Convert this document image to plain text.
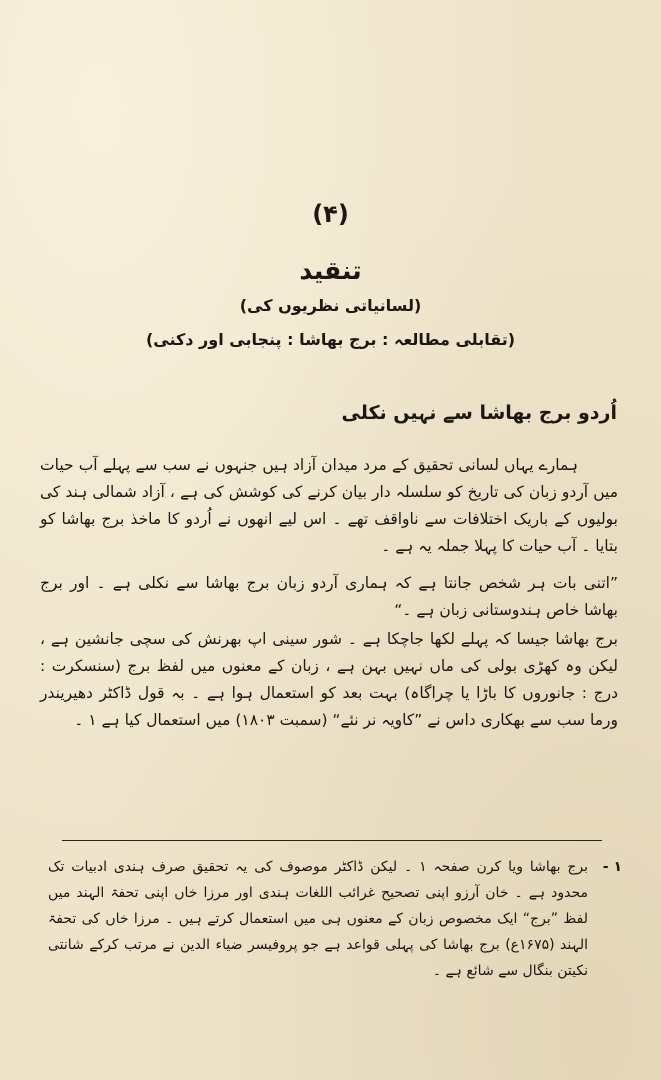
(۴)
تنقید
(لسانیاتی نظریوں کی)
(تقابلی مطالعہ : برج بھاشا : پنجابی اور دکنی)
اُردو برج بھاشا سے نہیں نکلی

ہمارے یہاں لسانی تحقیق کے مرد میدان آزاد ہیں جنہوں نے سب سے پہلے آب حیات میں آردو زبان کی تاریخ کو سلسلہ دار بیان کرنے کی کوشش کی ہے ، آزاد شمالی ہند کی بولیوں کے باریک اختلافات سے ناواقف تھے ۔ اس لیے انھوں نے اُردو کا ماخذ برج بھاشا کو بتایا ۔ آب حیات کا پہلا جملہ یہ ہے ۔

”اتنی بات ہر شخص جانتا ہے کہ ہماری آردو زبان برج بھاشا سے نکلی ہے ۔ اور برج بھاشا خاص ہندوستانی زبان ہے ۔“

برج بھاشا جیسا کہ پہلے لکھا جاچکا ہے ۔ شور سینی اپ بھرنش کی سچی جانشین ہے ، لیکن وہ کھڑی بولی کی ماں نہیں بہن ہے ، زبان کے معنوں میں لفظ برج (سنسکرت : درج : جانوروں کا باڑا یا چراگاہ) بہت بعد کو استعمال ہوا ہے ۔ بہ قول ڈاکٹر دھیریندر ورما سب سے بھکاری داس نے ”کاویہ نر نئے“ (سمبت ۱۸۰۳) میں استعمال کیا ہے ۱ ۔

۱ -
برج بھاشا ویا کرن صفحہ ۱ ۔ لیکن ڈاکٹر موصوف کی یہ تحقیق صرف ہندی ادبیات تک محدود ہے ۔ خان آرزو اپنی تصحیح غرائب اللغات ہندی اور مرزا خاں اپنی تحفۃ الہند میں لفظ ”برج“ ایک مخصوص زبان کے معنوں ہی میں استعمال کرتے ہیں ۔ مرزا خاں کی تحفۃ الہند (۱۶۷۵ع) برج بھاشا کی پہلی قواعد ہے جو پروفیسر ضیاء الدین نے مرتب کرکے شانتی نکیتن بنگال سے شائع ہے ۔
